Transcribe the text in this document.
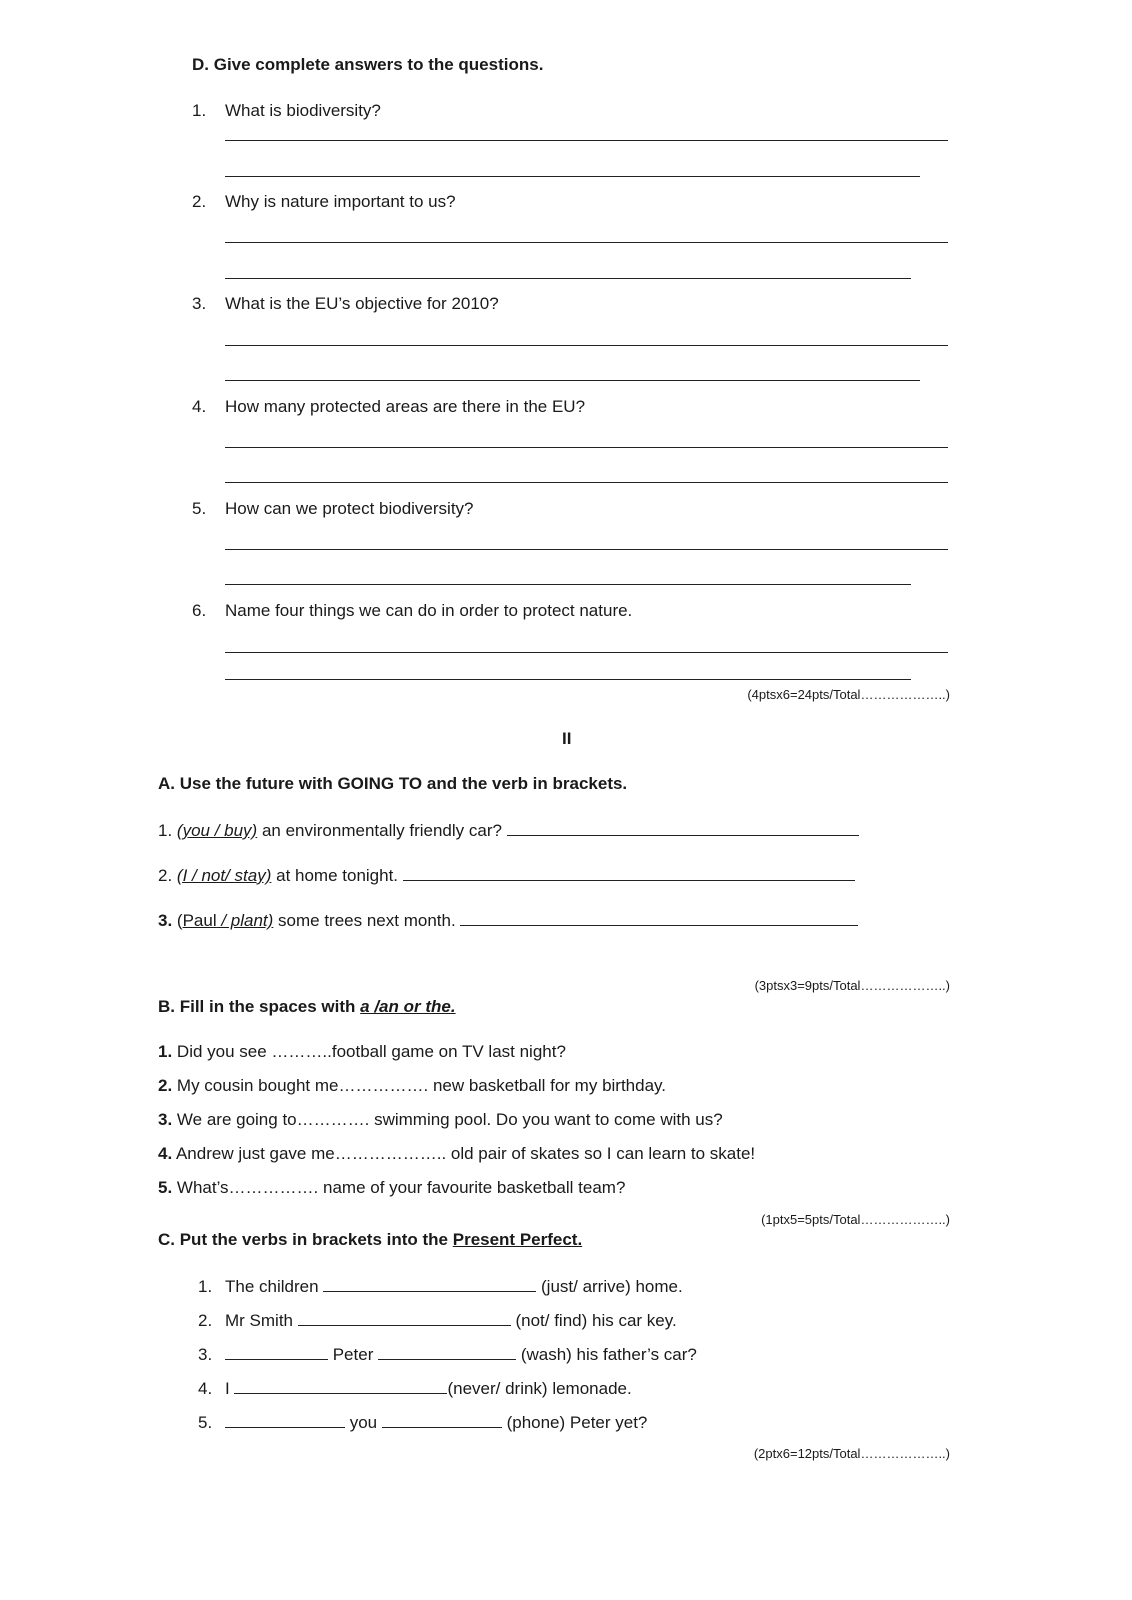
D. Give complete answers to the questions.
1. What is biodiversity?
2. Why is nature important to us?
3. What is the EU’s objective for 2010?
4. How many protected areas are there in the EU?
5. How can we protect biodiversity?
6. Name four things we can do in order to protect nature.
(4ptsx6=24pts/Total………………..)
II
A. Use the future with GOING TO and the verb in brackets.
1. (you / buy) an environmentally friendly car?
2. (I / not/ stay) at home tonight.
3. (Paul / plant) some trees next month.
(3ptsx3=9pts/Total………………..)
B. Fill in the spaces with a /an or the.
1. Did you see ………..football game on TV last night?
2. My cousin bought me……………. new basketball for my birthday.
3. We are going to…………. swimming pool. Do you want to come with us?
4. Andrew just gave me……………….. old pair of skates so I can learn to skate!
5. What’s……………. name of your favourite basketball team?
(1ptx5=5pts/Total………………..)
C. Put the verbs in brackets into the Present Perfect.
1. The children	(just/ arrive) home.
2. Mr Smith	(not/ find) his car key.
3.	Peter	(wash) his father’s car?
4. I	(never/ drink) lemonade.
5.	you	(phone) Peter yet?
(2ptx6=12pts/Total………………..)
